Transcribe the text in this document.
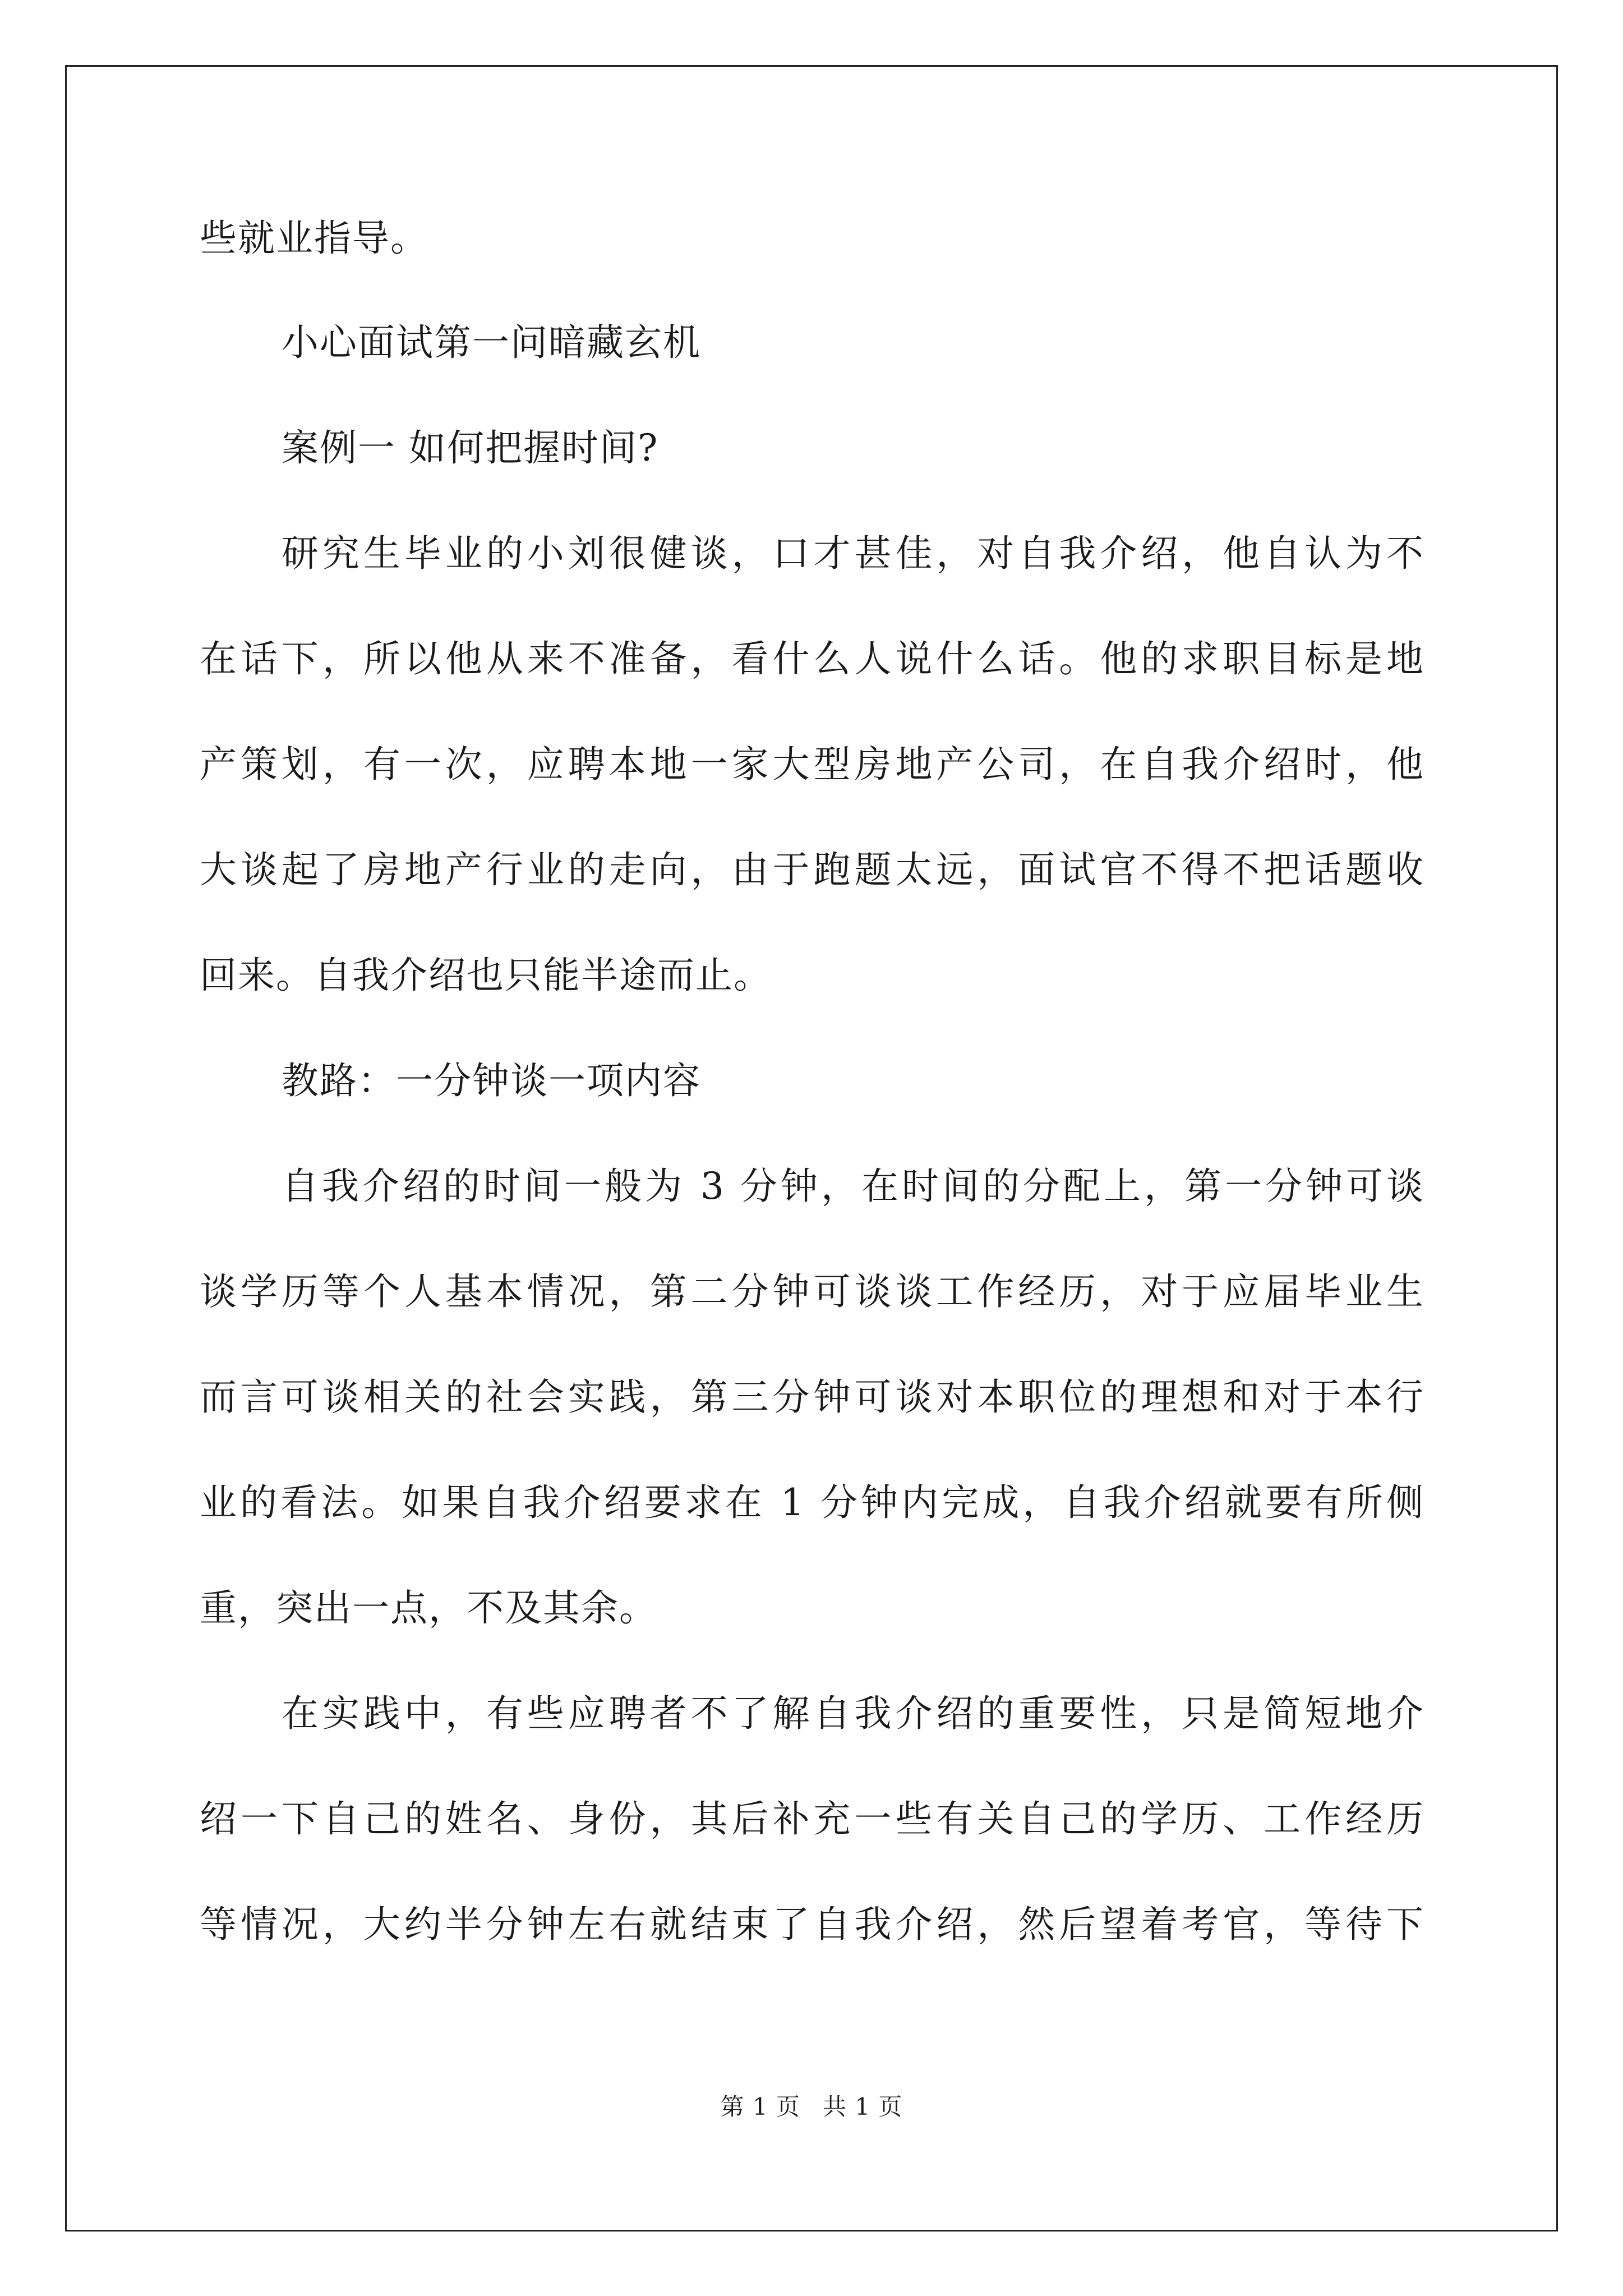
些就业指导。
小心面试第一问暗藏玄机
案例一 如何把握时间?
研究生毕业的小刘很健谈，口才甚佳，对自我介绍，他自认为不
在话下，所以他从来不准备，看什么人说什么话。他的求职目标是地
产策划，有一次，应聘本地一家大型房地产公司，在自我介绍时，他
大谈起了房地产行业的走向，由于跑题太远，面试官不得不把话题收
回来。自我介绍也只能半途而止。
教路：一分钟谈一项内容
自我介绍的时间一般为 3 分钟，在时间的分配上，第一分钟可谈
谈学历等个人基本情况，第二分钟可谈谈工作经历，对于应届毕业生
而言可谈相关的社会实践，第三分钟可谈对本职位的理想和对于本行
业的看法。如果自我介绍要求在 1 分钟内完成，自我介绍就要有所侧
重，突出一点，不及其余。
在实践中，有些应聘者不了解自我介绍的重要性，只是简短地介
绍一下自己的姓名、身份，其后补充一些有关自己的学历、工作经历
等情况，大约半分钟左右就结束了自我介绍，然后望着考官，等待下
第 1 页 共 1 页
